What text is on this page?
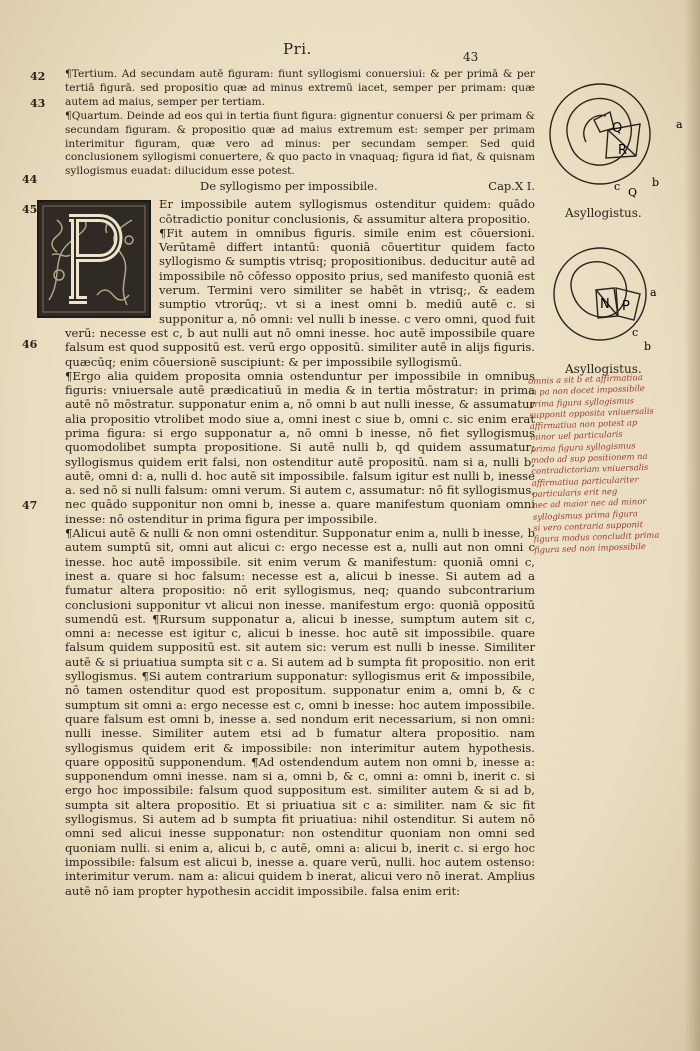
Pri.	43
42
43
44
45
46
47

¶Tertium. Ad secundam autē figuram: fiunt syllogismi conuersiui: & per primā & per tertiā figurā. sed propositio quæ ad minus extremū iacet, semper per primam: quæ autem ad maius, semper per tertiam.

¶Quartum. Deinde ad eos qui in tertia fiunt figura: gignentur conuersi & per primam & secundam figuram. & propositio quæ ad maius extremum est: semper per primam interimitur figuram, quæ vero ad minus: per secundam semper. Sed quid conclusionem syllogismi conuertere, & quo pacto in vnaquaq; figura id fiat, & quisnam syllogismus euadat: dilucidum esse potest.

De syllogismo per impossibile.	Cap.X I.

Er impossibile autem syllogismus ostenditur quidem: quādo cōtradictio ponitur conclusionis, & assumitur altera propositio.

¶Fit autem in omnibus figuris. simile enim est cōuersioni. Verūtamē differt intantū: quoniā cōuertitur quidem facto syllogismo & sumptis vtrisq; propositionibus. deducitur autē ad impossibile nō cōfesso opposito prius, sed manifesto quoniā est verum. Termini vero similiter se habēt in vtrisq;, & eadem sumptio vtrorūq;. vt si a inest omni b. mediū autē c. si supponitur a, nō omni: vel nulli b inesse. c vero omni, quod fuit verū: necesse est c, b aut nulli aut nō omni inesse. hoc autē impossibile quare falsum est quod suppositū est. verū ergo oppositū. similiter autē in alijs figuris. quæcūq; enim cōuersionē suscipiunt: & per impossibile syllogismū.

¶Ergo alia quidem proposita omnia ostenduntur per impossibile in omnibus figuris: vniuersale autē prædicatiuū in media & in tertia mōstratur: in prima autē nō mōstratur. supponatur enim a, nō omni b aut nulli inesse, & assumatur alia propositio vtrolibet modo siue a, omni inest c siue b, omni c. sic enim erat prima figura: si ergo supponatur a, nō omni b inesse, nō fiet syllogismus quomodolibet sumpta propositione. Si autē nulli b, qd quidem assumatur: syllogismus quidem erit falsi, non ostenditur autē propositū. nam si a, nulli b, autē, omni d: a, nulli d. hoc autē sit impossibile. falsum igitur est nulli b, inesse a. sed nō si nulli falsum: omni verum. Si autem c, assumatur: nō fit syllogismus, nec quādo supponitur non omni b, inesse a. quare manifestum quoniam omni inesse: nō ostenditur in prima figura per impossibile.

¶Alicui autē & nulli & non omni ostenditur. Supponatur enim a, nulli b inesse, b autem sumptū sit, omni aut alicui c: ergo necesse est a, nulli aut non omni c inesse. hoc autē impossibile. sit enim verum & manifestum: quoniā omni c, inest a. quare si hoc falsum: necesse est a, alicui b inesse. Si autem ad a fumatur altera propositio: nō erit syllogismus, neq; quando subcontrarium conclusioni supponitur vt alicui non inesse. manifestum ergo: quoniā oppositū sumendū est. ¶Rursum supponatur a, alicui b inesse, sumptum autem sit c, omni a: necesse est igitur c, alicui b inesse. hoc autē sit impossibile. quare falsum quidem suppositū est. sit autem sic: verum est nulli b inesse. Similiter autē & si priuatiua sumpta sit c a. Si autem ad b sumpta fit propositio. non erit syllogismus. ¶Si autem contrarium supponatur: syllogismus erit & impossibile, nō tamen ostenditur quod est propositum. supponatur enim a, omni b, & c sumptum sit omni a: ergo necesse est c, omni b inesse: hoc autem impossibile. quare falsum est omni b, inesse a. sed nondum erit necessarium, si non omni: nulli inesse. Similiter autem etsi ad b fumatur altera propositio. nam syllogismus quidem erit & impossibile: non interimitur autem hypothesis. quare oppositū supponendum. ¶Ad ostendendum autem non omni b, inesse a: supponendum omni inesse. nam si a, omni b, & c, omni a: omni b, inerit c. si ergo hoc impossibile: falsum quod suppositum est. similiter autem & si ad b, sumpta sit altera propositio. Et si priuatiua sit c a: similiter. nam & sic fit syllogismus. Si autem ad b sumpta fit priuatiua: nihil ostenditur. Si autem nō omni sed alicui inesse supponatur: non ostenditur quoniam non omni sed quoniam nulli. si enim a, alicui b, c autē, omni a: alicui b, inerit c. si ergo hoc impossibile: falsum est alicui b, inesse a. quare verū, nulli. hoc autem ostenso: interimitur verum. nam a: alicui quidem b inerat, alicui vero nō inerat. Amplius autē nō iam propter hypothesin accidit impossibile. falsa enim erit:

Q
R
a
c Q
b
Asyllogistus.
N P
a
c
b
Asyllogistus.
omnis a sit b et affirmatiua
in pa non docet impossibile
prima figura syllogismus
supponit opposita vniuersalis
affirmatiua non potest ap
minor uel particularis
prima figura syllogismus
modo ad sup positionem na
contradictoriam vniuersalis
affirmatiua particulariter
particularis erit neg
nec ad maior nec ad minor
syllogismus prima figura
si vero contraria supponit
figura modus concludit prima
figura sed non impossibile
